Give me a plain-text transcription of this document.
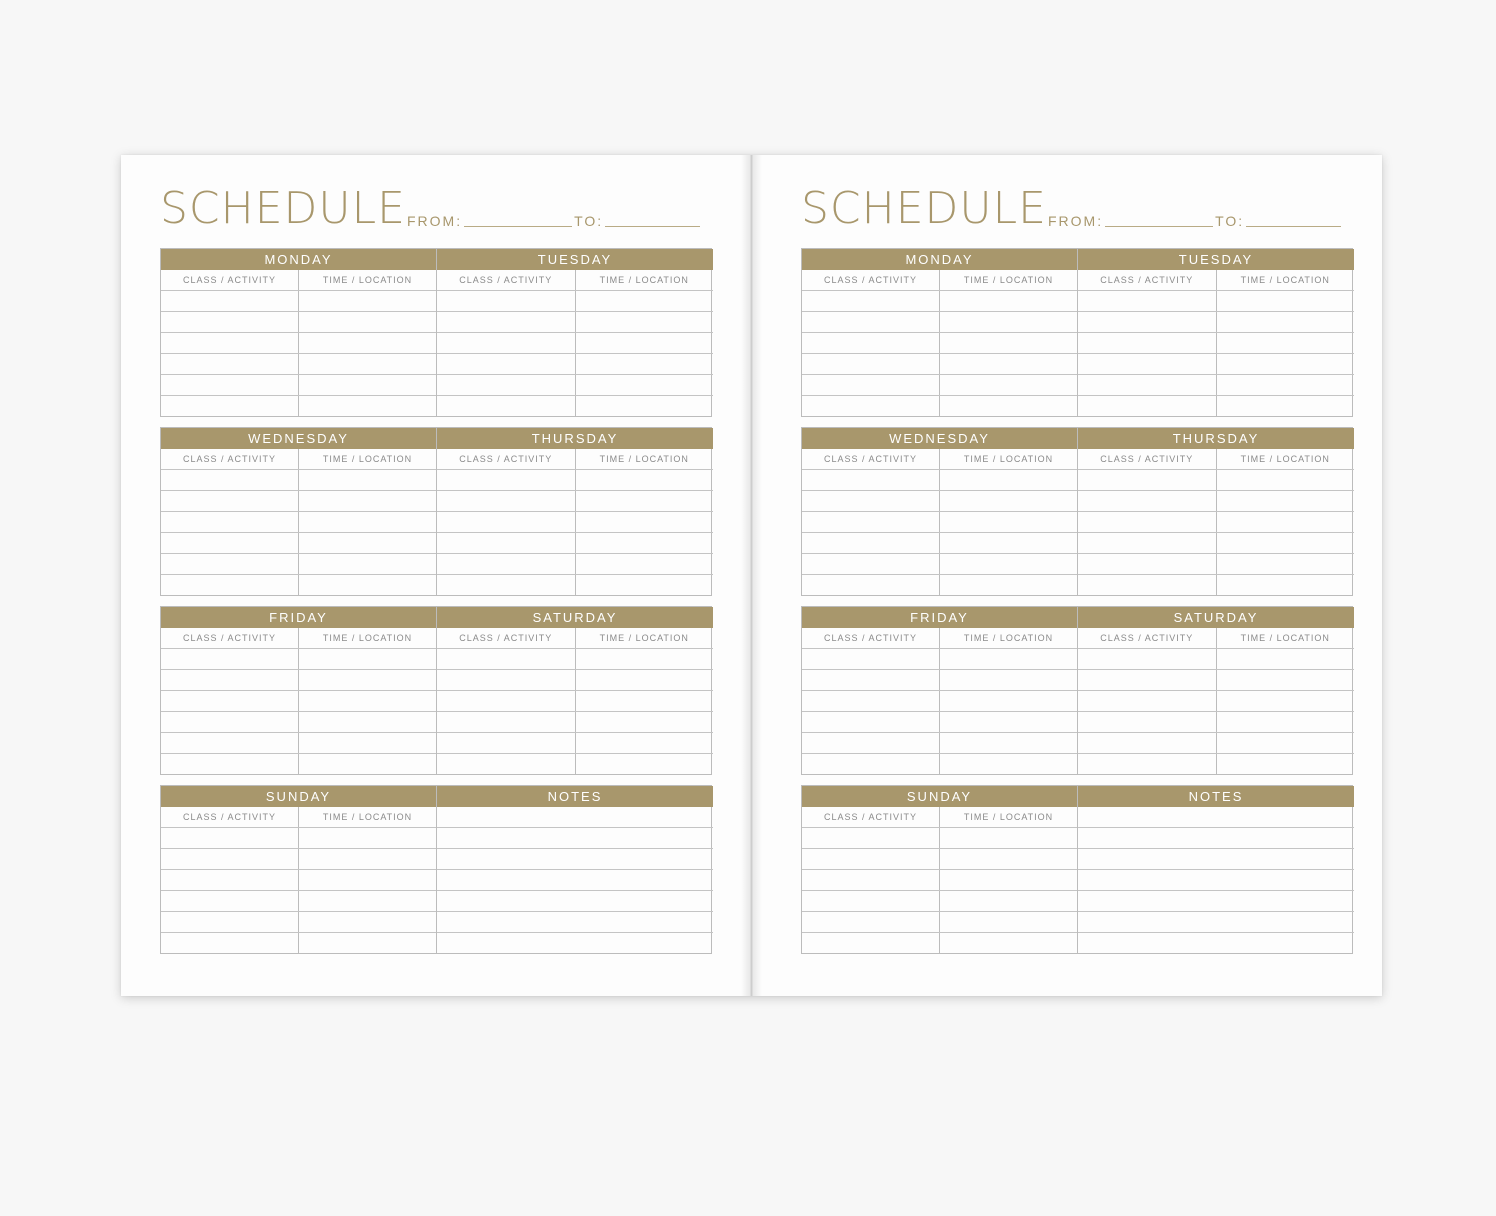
SCHEDULE FROM:	TO:
MONDAY
CLASS / ACTIVITY	TIME / LOCATION
TUESDAY
CLASS / ACTIVITY	TIME / LOCATION
WEDNESDAY
CLASS / ACTIVITY	TIME / LOCATION
THURSDAY
CLASS / ACTIVITY	TIME / LOCATION
FRIDAY
CLASS / ACTIVITY	TIME / LOCATION
SATURDAY
CLASS / ACTIVITY	TIME / LOCATION
SUNDAY
CLASS / ACTIVITY	TIME / LOCATION
NOTES
SCHEDULE FROM:	TO:
MONDAY
CLASS / ACTIVITY	TIME / LOCATION
TUESDAY
CLASS / ACTIVITY	TIME / LOCATION
WEDNESDAY
CLASS / ACTIVITY	TIME / LOCATION
THURSDAY
CLASS / ACTIVITY	TIME / LOCATION
FRIDAY
CLASS / ACTIVITY	TIME / LOCATION
SATURDAY
CLASS / ACTIVITY	TIME / LOCATION
SUNDAY
CLASS / ACTIVITY	TIME / LOCATION
NOTES
